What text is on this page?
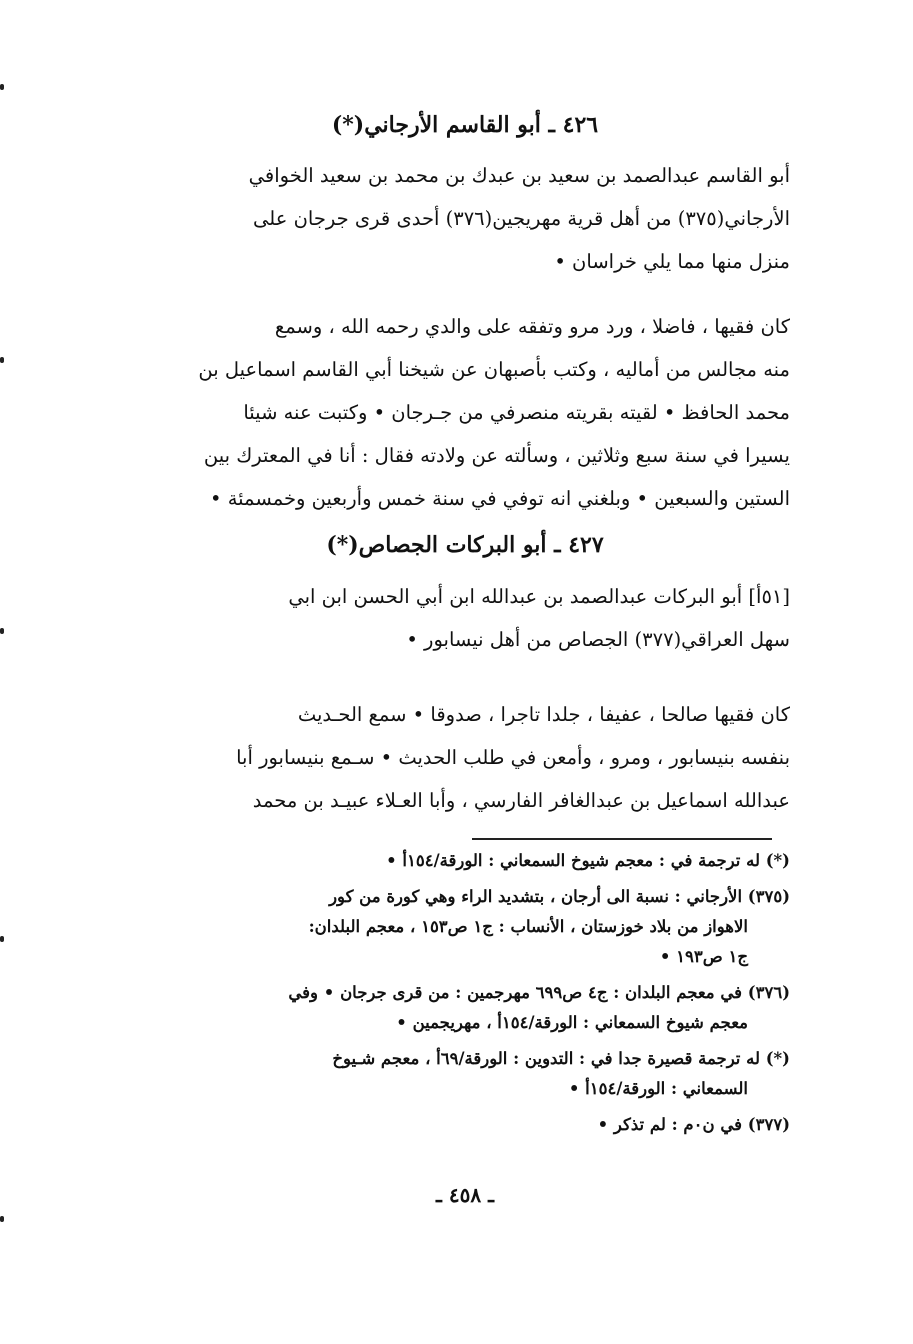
٤٢٦ ـ أبو القاسم الأرجاني(*)
أبو القاسم عبدالصمد بن سعيد بن عبدك بن محمد بن سعيد الخوافي
الأرجاني(٣٧٥) من أهل قرية مهريجين(٣٧٦) أحدى قرى جرجان على
منزل منها مما يلي خراسان •
كان فقيها ، فاضلا ، ورد مرو وتفقه على والدي رحمه الله ، وسمع
منه مجالس من أماليه ، وكتب بأصبهان عن شيخنا أبي القاسم اسماعيل بن
محمد الحافظ • لقيته بقريته منصرفي من جـرجان • وكتبت عنه شيئا
يسيرا في سنة سبع وثلاثين ، وسألته عن ولادته فقال : أنا في المعترك بين
الستين والسبعين • وبلغني انه توفي في سنة خمس وأربعين وخمسمئة •
٤٢٧ ـ أبو البركات الجصاص(*)
[٥١أ] أبو البركات عبدالصمد بن عبدالله ابن أبي الحسن ابن ابي
سهل العراقي(٣٧٧) الجصاص من أهل نيسابور •
كان فقيها صالحا ، عفيفا ، جلدا تاجرا ، صدوقا • سمع الحـديث
بنفسه بنيسابور ، ومرو ، وأمعن في طلب الحديث • سـمع بنيسابور أبا
عبدالله اسماعيل بن عبدالغافر الفارسي ، وأبا العـلاء عبيـد بن محمد
(*) له ترجمة في : معجم شيوخ السمعاني : الورقة/١٥٤أ •
(٣٧٥) الأرجاني : نسبة الى أرجان ، بتشديد الراء وهي كورة من كور
الاهواز من بلاد خوزستان ، الأنساب : ج١ ص١٥٣ ، معجم البلدان:
ج١ ص١٩٣ •
(٣٧٦) في معجم البلدان : ج٤ ص٦٩٩ مهرجمين : من قرى جرجان • وفي
معجم شيوخ السمعاني : الورقة/١٥٤أ ، مهريجمين •
(*) له ترجمة قصيرة جدا في : التدوين : الورقة/٦٩أ ، معجم شـيوخ
السمعاني : الورقة/١٥٤أ •
(٣٧٧) في ن٠م : لم تذكر •
ـ ٤٥٨ ـ
